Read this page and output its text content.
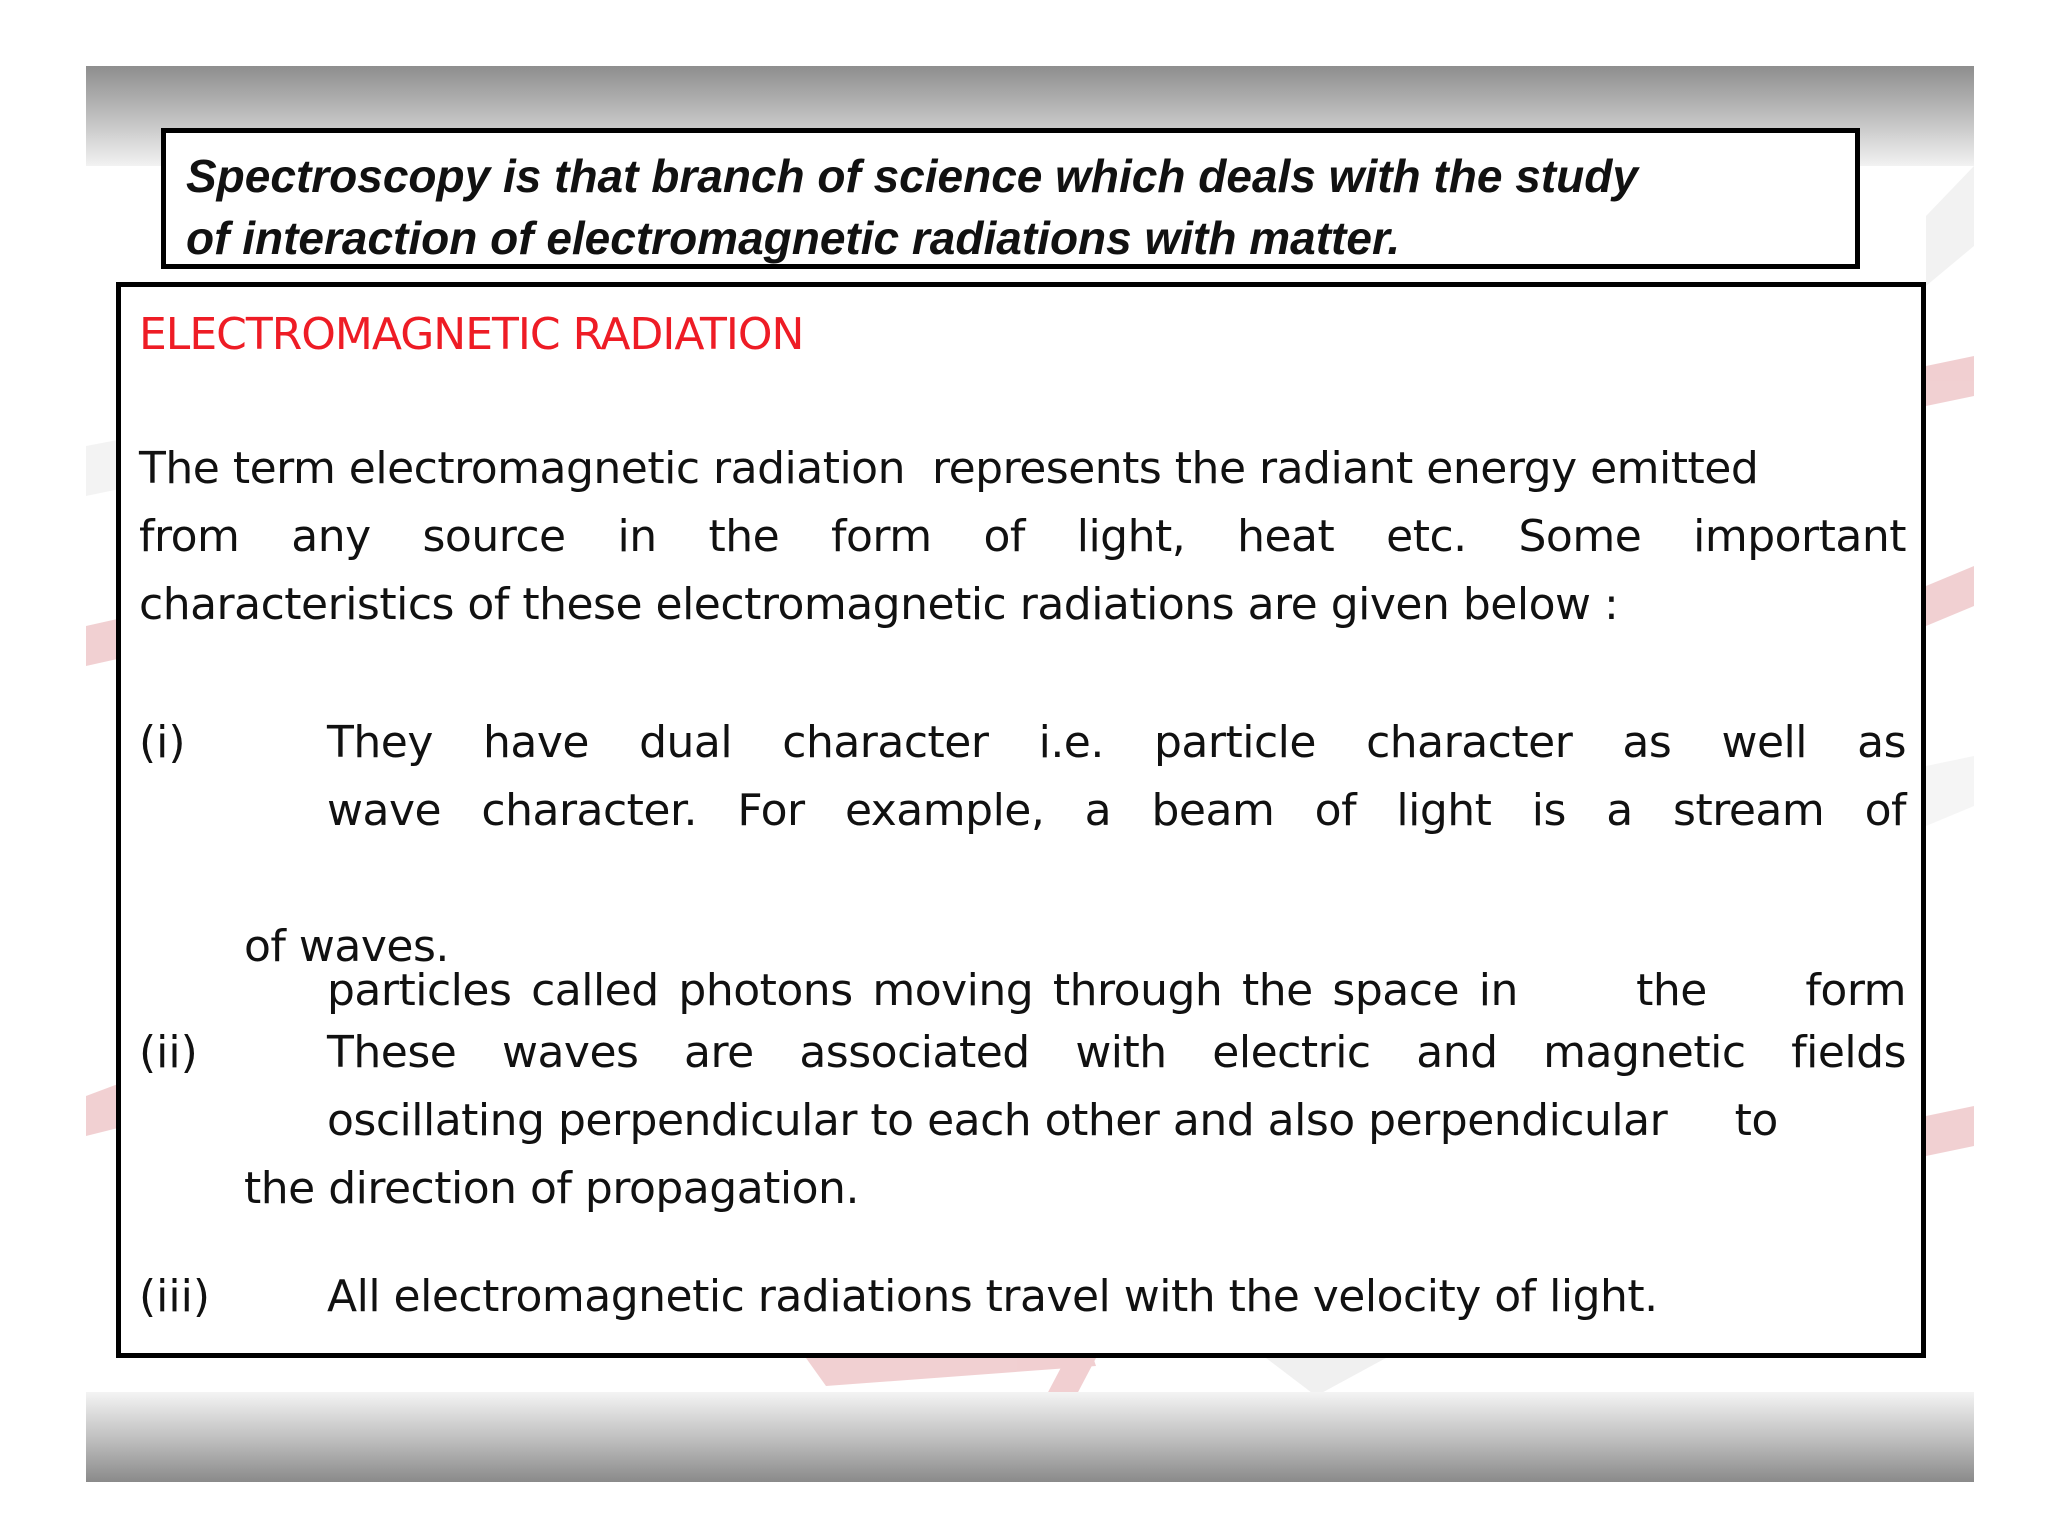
Spectroscopy is that branch of science which deals with the study
of interaction of electromagnetic radiations with matter.
ELECTROMAGNETIC RADIATION
The term electromagnetic radiation  represents the radiant energy emitted
from any source in the form of light, heat etc. Some important
characteristics of these electromagnetic radiations are given below :
(i)	They have dual character i.e. particle character as well as
wave character. For example, a beam of light is a stream of

particles called photons moving through the space in      the     form

of waves.
(ii)	These waves are associated with electric and magnetic fields
oscillating perpendicular to each other and also perpendicular     to
the direction of propagation.
(iii)	All electromagnetic radiations travel with the velocity of light.
